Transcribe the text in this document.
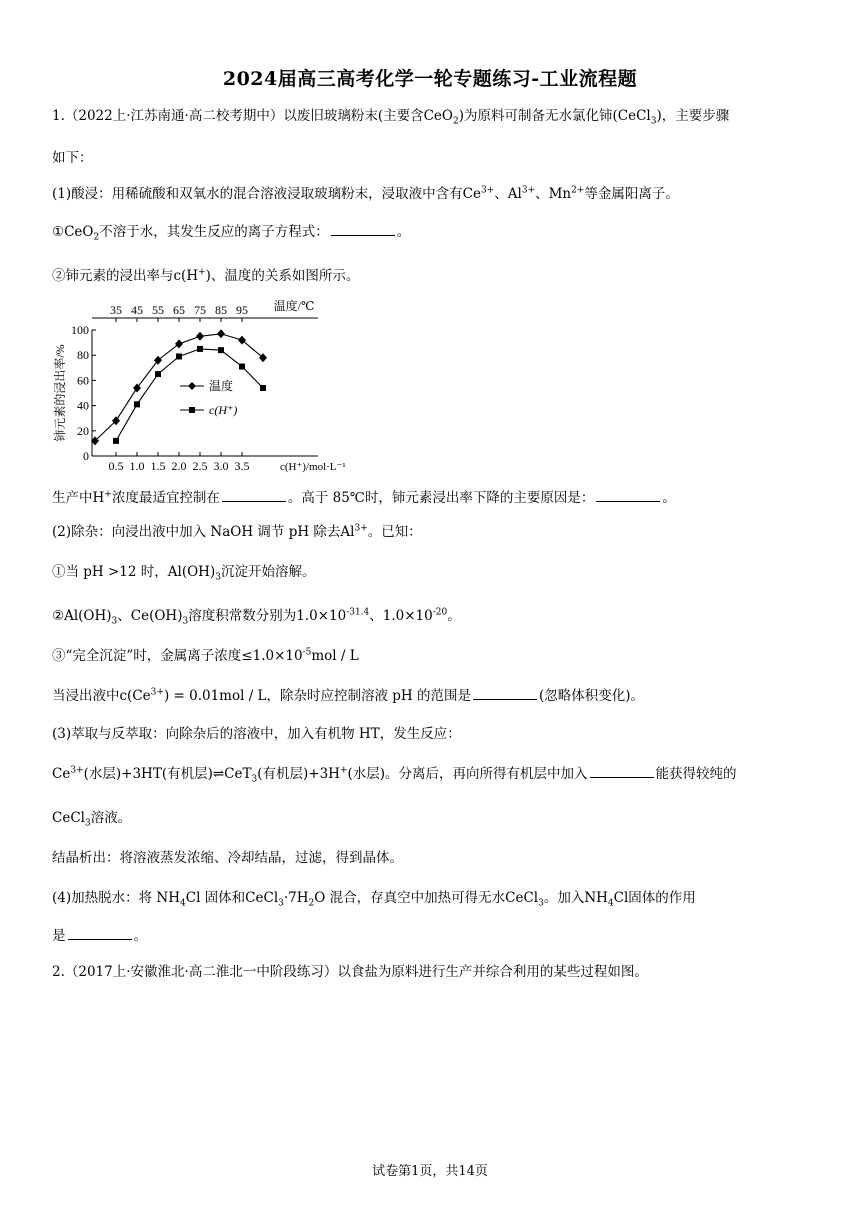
2024届高三高考化学一轮专题练习-工业流程题
1.（2022上·江苏南通·高二校考期中）以废旧玻璃粉末(主要含CeO$_2$)为原料可制备无水氯化铈(CeCl$_3$)，主要步骤
如下：
(1)酸浸：用稀硫酸和双氧水的混合溶液浸取玻璃粉末，浸取液中含有$Ce^{3+}$、$Al^{3+}$、$Mn^{2+}$等金属阳离子。
①CeO$_2$不溶于水，其发生反应的离子方程式：	。
②铈元素的浸出率与c(H+)、温度的关系如图所示。
0
20
40
60
80
100
35 45 55 65 75 85 95
0.5 1.0 1.5 2.0 2.5 3.0 3.5
温度/℃
c(H⁺)/mol·L⁻¹
铈元素的浸出率/%	温度
c(H⁺)
生产中H+浓度最适宜控制在	。高于 85℃时，铈元素浸出率下降的主要原因是：	。
(2)除杂：向浸出液中加入 NaOH 调节 pH 除去$Al^{3+}$。已知：
①当 pH >12 时，$Al(OH)_3$沉淀开始溶解。
$②Al(OH)_3$、$Ce(OH)_3$溶度积常数分别为$1.0\times 10^{-31.4}$、$1.0\times 10^{-20}$。
③“完全沉淀”时，金属离子浓度$\le 1.0\times 10^{-5}mol / L$
当浸出液中$c(Ce^{3+}) = 0.01mol / L$，除杂时应控制溶液 pH 的范围是	(忽略体积变化)。
(3)萃取与反萃取：向除杂后的溶液中，加入有机物 HT，发生反应：
$Ce^{3+}$(水层)+3HT(有机层)⇌CeT$_3$(有机层)+3H+(水层)。分离后，再向所得有机层中加入	能获得较纯的
CeCl$_3$溶液。
结晶析出：将溶液蒸发浓缩、冷却结晶，过滤，得到晶体。
(4)加热脱水：将 $NH_4Cl$ 固体和$CeCl_3\cdot 7H_2O$ 混合，存真空中加热可得无水CeCl$_3$。加入$NH_4Cl$固体的作用
是	。
2.（2017上·安徽淮北·高二淮北一中阶段练习）以食盐为原料进行生产并综合利用的某些过程如图。
试卷第1页，共14页
